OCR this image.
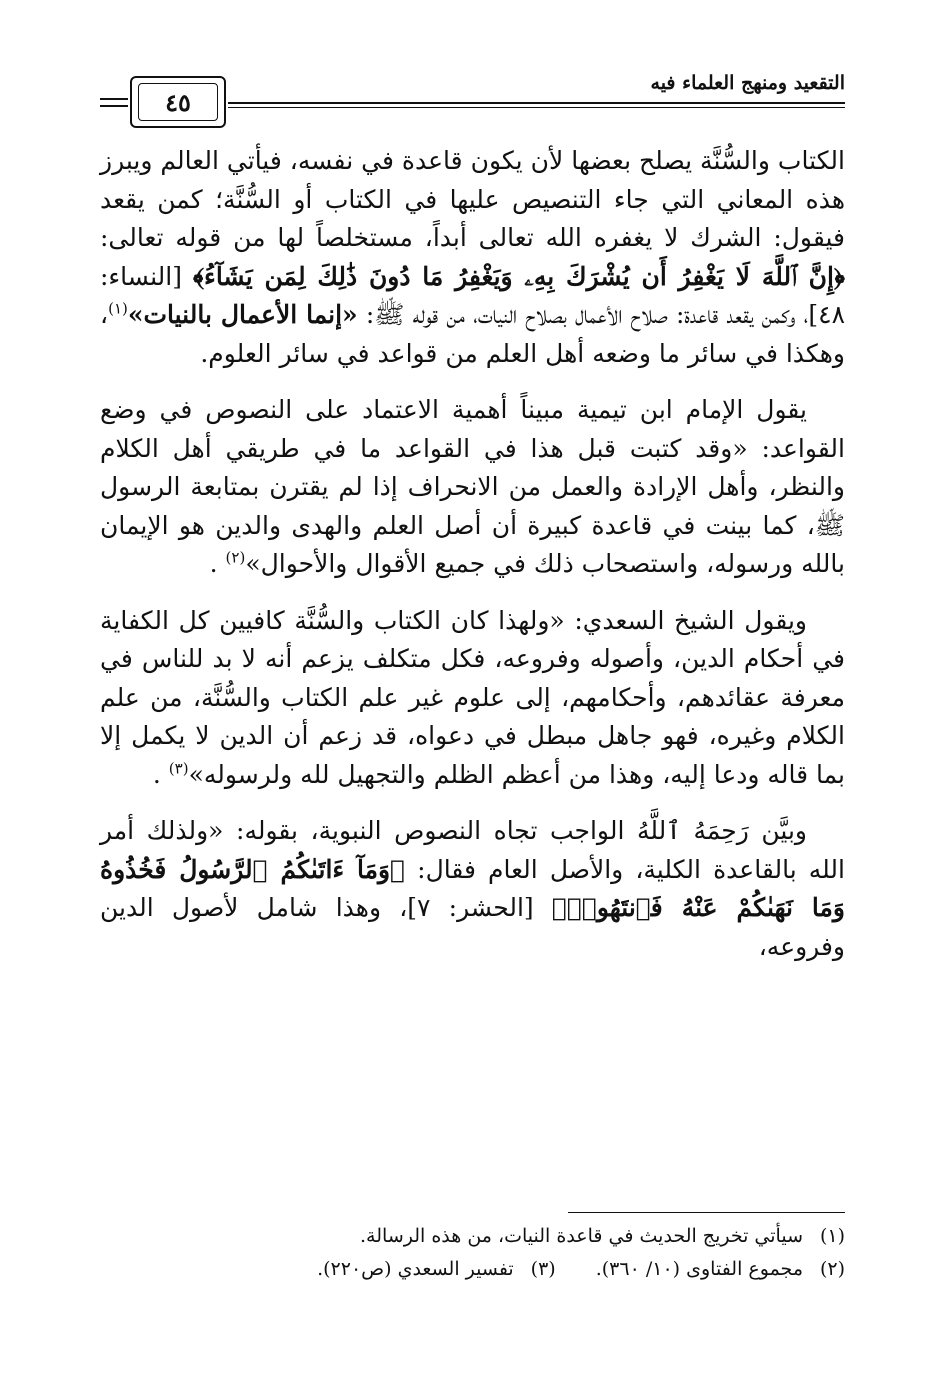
التقعيد ومنهج العلماء فيه
٤٥

الكتاب والسُّنَّة يصلح بعضها لأن يكون قاعدة في نفسه، فيأتي العالم ويبرز هذه المعاني التي جاء التنصيص عليها في الكتاب أو السُّنَّة؛ كمن يقعد فيقول: الشرك لا يغفره الله تعالى أبداً، مستخلصاً لها من قوله تعالى: ﴿إِنَّ ٱللَّهَ لَا يَغْفِرُ أَن يُشْرَكَ بِهِۦ وَيَغْفِرُ مَا دُونَ ذَٰلِكَ لِمَن يَشَآءُ﴾ [النساء: ٤٨]، وكمن يقعد قاعدة: صلاح الأعمال بصلاح النيات، من قوله ﷺ: «إنما الأعمال بالنيات»$^{(١)}$، وهكذا في سائر ما وضعه أهل العلم من قواعد في سائر العلوم.

يقول الإمام ابن تيمية مبيناً أهمية الاعتماد على النصوص في وضع القواعد: «وقد كتبت قبل هذا في القواعد ما في طريقي أهل الكلام والنظر، وأهل الإرادة والعمل من الانحراف إذا لم يقترن بمتابعة الرسول ﷺ، كما بينت في قاعدة كبيرة أن أصل العلم والهدى والدين هو الإيمان بالله ورسوله، واستصحاب ذلك في جميع الأقوال والأحوال»$^{(٢)}$ .

ويقول الشيخ السعدي: «ولهذا كان الكتاب والسُّنَّة كافيين كل الكفاية في أحكام الدين، وأصوله وفروعه، فكل متكلف يزعم أنه لا بد للناس في معرفة عقائدهم، وأحكامهم، إلى علوم غير علم الكتاب والسُّنَّة، من علم الكلام وغيره، فهو جاهل مبطل في دعواه، قد زعم أن الدين لا يكمل إلا بما قاله ودعا إليه، وهذا من أعظم الظلم والتجهيل لله ولرسوله»$^{(٣)}$ .

وبيَّن رَحِمَهُ ٱللَّهُ الواجب تجاه النصوص النبوية، بقوله: «ولذلك أمر الله بالقاعدة الكلية، والأصل العام فقال: ﴿وَمَآ ءَاتَىٰكُمُ ٱلرَّسُولُ فَخُذُوهُ وَمَا نَهَىٰكُمْ عَنْهُ فَٱنتَهُوا۟﴾ [الحشر: ٧]، وهذا شامل لأصول الدين وفروعه،

(١)سيأتي تخريج الحديث في قاعدة النيات، من هذه الرسالة.
(٢)مجموع الفتاوى (١٠/ ٣٦٠).(٣)تفسير السعدي (ص٢٢٠).
